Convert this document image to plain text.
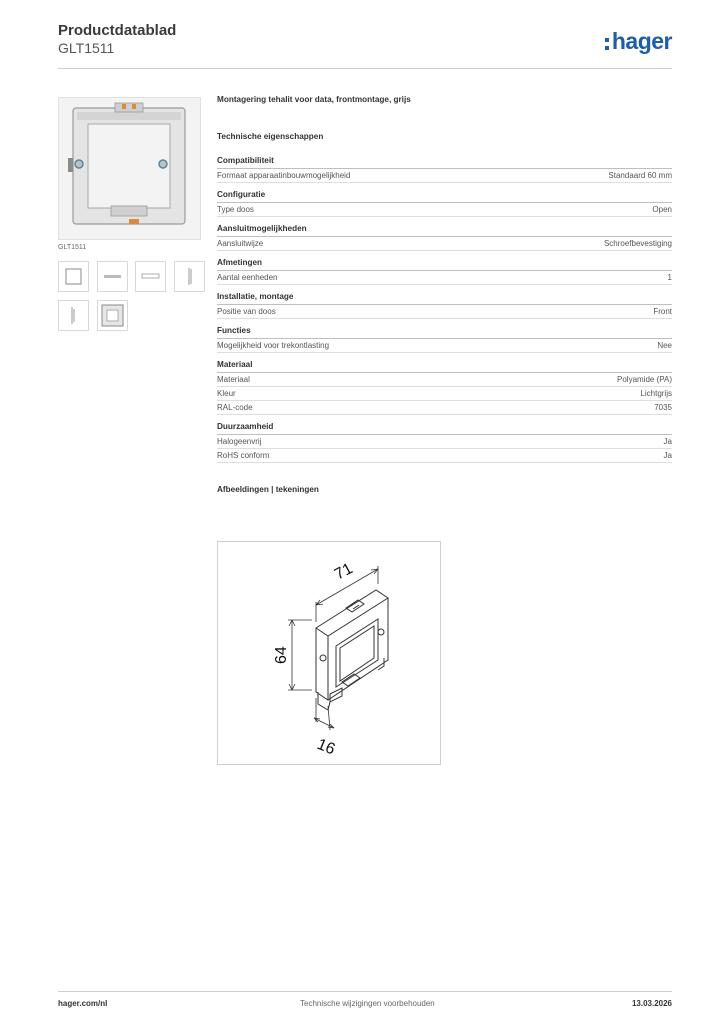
Productdatablad
GLT1511	hager
GLT1511
Montagering tehalit voor data, frontmontage, grijs
Technische eigenschappen
Compatibiliteit
Formaat apparaatinbouwmogelijkheid	Standaard 60 mm
Configuratie
Type doos	Open
Aansluitmogelijkheden
Aansluitwijze	Schroefbevestiging
Afmetingen
Aantal eenheden	1
Installatie, montage
Positie van doos	Front
Functies
Mogelijkheid voor trekontlasting	Nee
Materiaal
Materiaal	Polyamide (PA)
Kleur	Lichtgrijs
RAL-code	7035
Duurzaamheid
Halogeenvrij	Ja
RoHS conform	Ja
Afbeeldingen | tekeningen
71
64
16
hager.com/nl	Technische wijzigingen voorbehouden	13.03.2026
